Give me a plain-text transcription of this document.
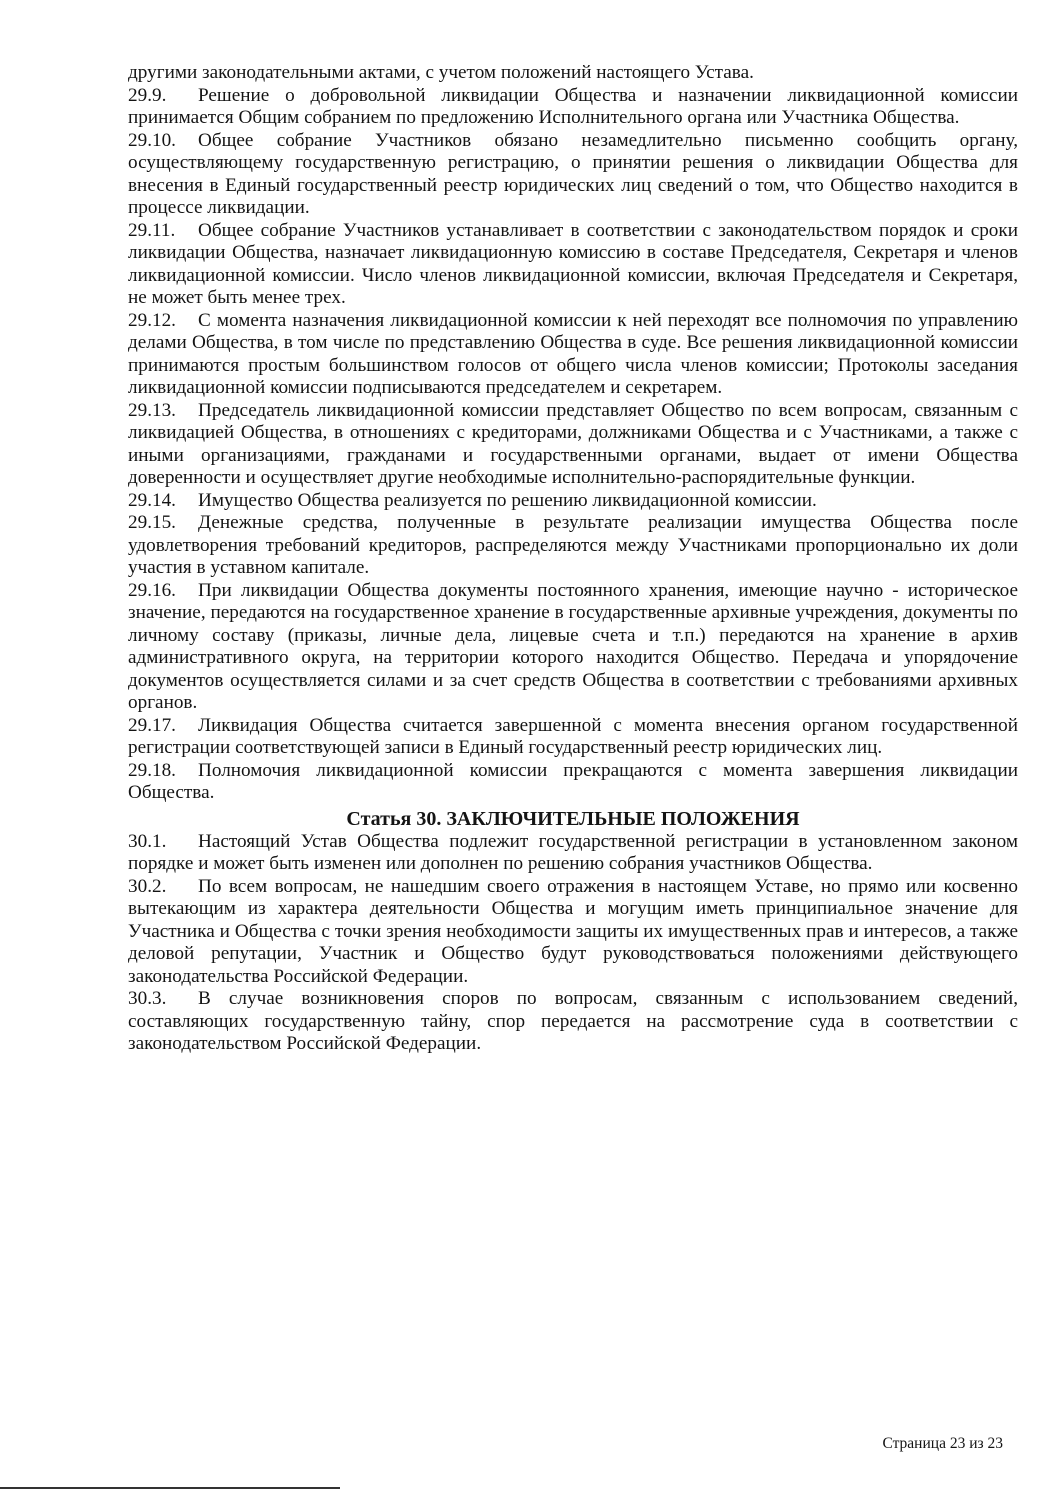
другими законодательными актами, с учетом положений настоящего Устава.

29.9. Решение о добровольной ликвидации Общества и назначении ликвидационной комиссии принимается Общим собранием по предложению Исполнительного органа или Участника Общества.

29.10. Общее собрание Участников обязано незамедлительно письменно сообщить органу, осуществляющему государственную регистрацию, о принятии решения о ликвидации Общества для внесения в Единый государственный реестр юридических лиц сведений о том, что Общество находится в процессе ликвидации.

29.11. Общее собрание Участников устанавливает в соответствии с законодательством порядок и сроки ликвидации Общества, назначает ликвидационную комиссию в составе Председателя, Секретаря и членов ликвидационной комиссии. Число членов ликвидационной комиссии, включая Председателя и Секретаря, не может быть менее трех.

29.12. С момента назначения ликвидационной комиссии к ней переходят все полномочия по управлению делами Общества, в том числе по представлению Общества в суде. Все решения ликвидационной комиссии принимаются простым большинством голосов от общего числа членов комиссии; Протоколы заседания ликвидационной комиссии подписываются председателем и секретарем.

29.13. Председатель ликвидационной комиссии представляет Общество по всем вопросам, связанным с ликвидацией Общества, в отношениях с кредиторами, должниками Общества и с Участниками, а также с иными организациями, гражданами и государственными органами, выдает от имени Общества доверенности и осуществляет другие необходимые исполнительно-распорядительные функции.

29.14. Имущество Общества реализуется по решению ликвидационной комиссии.

29.15. Денежные средства, полученные в результате реализации имущества Общества после удовлетворения требований кредиторов, распределяются между Участниками пропорционально их доли участия в уставном капитале.

29.16. При ликвидации Общества документы постоянного хранения, имеющие научно - историческое значение, передаются на государственное хранение в государственные архивные учреждения, документы по личному составу (приказы, личные дела, лицевые счета и т.п.) передаются на хранение в архив административного округа, на территории которого находится Общество. Передача и упорядочение документов осуществляется силами и за счет средств Общества в соответствии с требованиями архивных органов.

29.17. Ликвидация Общества считается завершенной с момента внесения органом государственной регистрации соответствующей записи в Единый государственный реестр юридических лиц.

29.18. Полномочия ликвидационной комиссии прекращаются с момента завершения ликвидации Общества.

Статья 30. ЗАКЛЮЧИТЕЛЬНЫЕ ПОЛОЖЕНИЯ

30.1. Настоящий Устав Общества подлежит государственной регистрации в установленном законом порядке и может быть изменен или дополнен по решению собрания участников Общества.

30.2. По всем вопросам, не нашедшим своего отражения в настоящем Уставе, но прямо или косвенно вытекающим из характера деятельности Общества и могущим иметь принципиальное значение для Участника и Общества с точки зрения необходимости защиты их имущественных прав и интересов, а также деловой репутации, Участник и Общество будут руководствоваться положениями действующего законодательства Российской Федерации.

30.3. В случае возникновения споров по вопросам, связанным с использованием сведений, составляющих государственную тайну, спор передается на рассмотрение суда в соответствии с законодательством Российской Федерации.

Страница 23 из 23
